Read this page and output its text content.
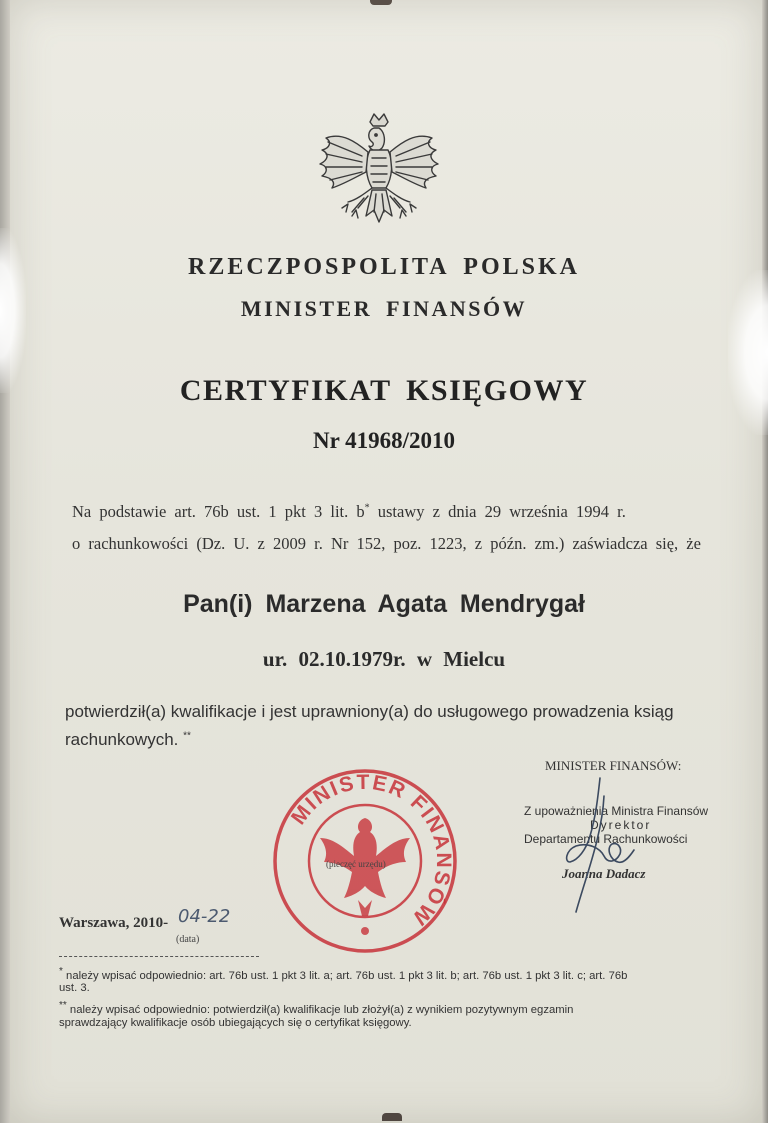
RZECZPOSPOLITA POLSKA
MINISTER FINANSÓW
CERTYFIKAT KSIĘGOWY
Nr 41968/2010
Na podstawie art. 76b ust. 1 pkt 3 lit. b* ustawy z dnia 29 września 1994 r.
o rachunkowości (Dz. U. z 2009 r. Nr 152, poz. 1223, z późn. zm.) zaświadcza się, że
Pan(i) Marzena Agata Mendrygał
ur. 02.10.1979r. w Mielcu
potwierdził(a) kwalifikacje i jest uprawniony(a) do usługowego prowadzenia ksiąg
rachunkowych. **
MINISTER FINANSÓW:
Z upoważnienia Ministra Finansów
Dyrektor
Departamentu Rachunkowości
Joanna Dadacz
MINISTER FINANSÓW
(pieczęć urzędu)
Warszawa, 2010- 04-22
(data)
* należy wpisać odpowiednio: art. 76b ust. 1 pkt 3 lit. a; art. 76b ust. 1 pkt 3 lit. b; art. 76b ust. 1 pkt 3 lit. c; art. 76b
ust. 3.
** należy wpisać odpowiednio: potwierdził(a) kwalifikacje lub złożył(a) z wynikiem pozytywnym egzamin
sprawdzający kwalifikacje osób ubiegających się o certyfikat księgowy.
